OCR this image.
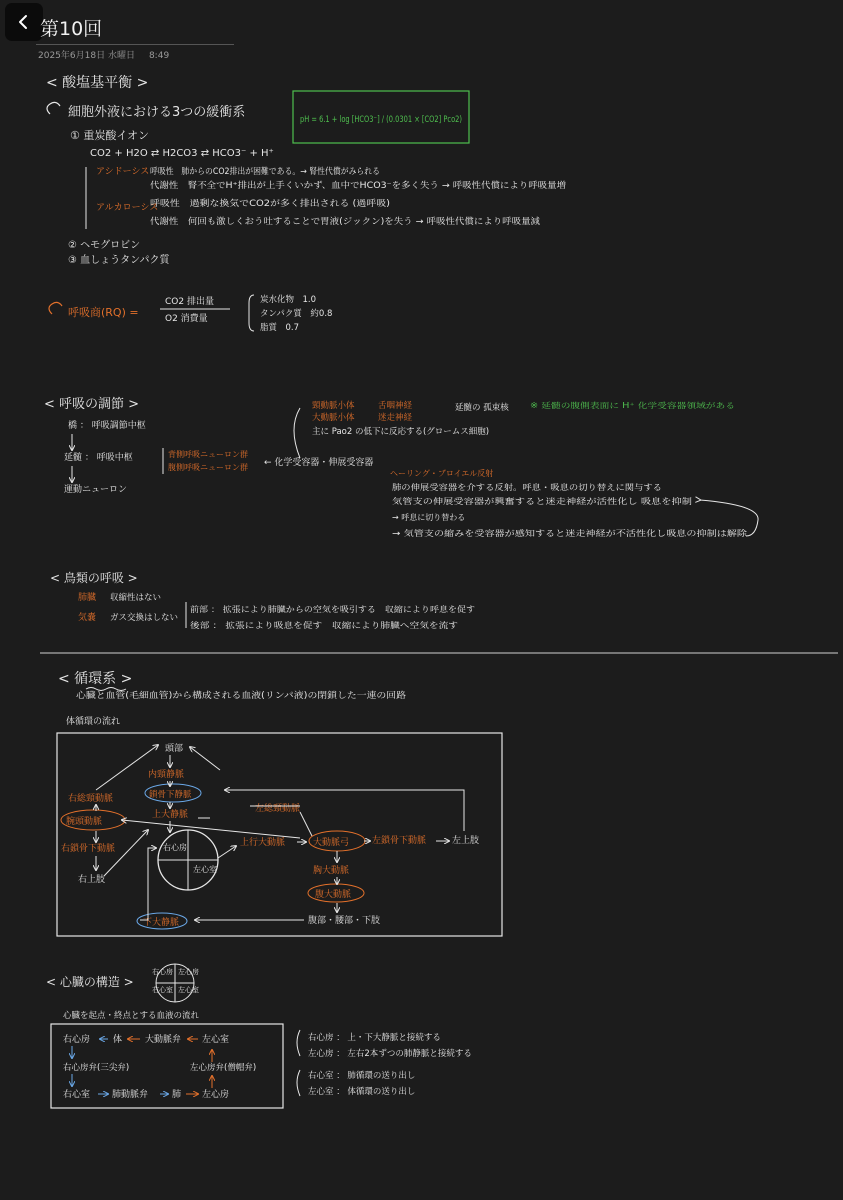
第10回
2025年6月18日 水曜日 8:49
< 酸塩基平衡 >
細胞外液における3つの緩衝系	pH = 6.1 + log [HCO3⁻] / (0.0301 × [CO2] Pco2)
① 重炭酸イオン
CO2 + H2O ⇄ H2CO3 ⇄ HCO3⁻ + H⁺
アシドーシス 呼吸性　肺からのCO2排出が困難である。→ 腎性代償がみられる
代謝性　腎不全でH⁺排出が上手くいかず、血中でHCO3⁻を多く失う → 呼吸性代償により呼吸量増
アルカローシス
呼吸性　過剰な換気でCO2が多く排出される (過呼吸)
代謝性　何回も激しくおう吐することで胃液(ジックン)を失う → 呼吸性代償により呼吸量減
② ヘモグロビン
③ 血しょうタンパク質
呼吸商(RQ) =
CO2 排出量
O2 消費量
炭水化物　1.0
タンパク質　約0.8
脂質　0.7
< 呼吸の調節 >
橋 ： 呼吸調節中枢
延髄 ： 呼吸中枢	背側呼吸ニューロン群
腹側呼吸ニューロン群
運動ニューロン
← 化学受容器・伸展受容器
頸動脈小体
大動脈小体
舌咽神経
迷走神経
延髄の 孤束核	※ 延髄の腹側表面に H⁺ 化学受容器領域がある
主に Pao2 の低下に反応する(グロームス細胞)
ヘーリング・ブロイエル反射
肺の伸展受容器を介する反射。呼息・吸息の切り替えに関与する
気管支の伸展受容器が興奮すると迷走神経が活性化し 吸息を抑制
→ 呼息に切り替わる
→ 気管支の縮みを受容器が感知すると迷走神経が不活性化し吸息の抑制は解除
< 鳥類の呼吸 >
肺臓 収縮性はない
気嚢 ガス交換はしない
前部 ： 拡張により肺臓からの空気を吸引する　収縮により呼息を促す
後部 ： 拡張により吸息を促す　収縮により肺臓へ空気を流す
< 循環系 >
心臓と血管(毛細血管)から構成される血液(リンパ液)の閉鎖した一連の回路
体循環の流れ
頭部
内頸静脈
鎖骨下静脈
上大静脈
右総頸動脈
腕頭動脈
右鎖骨下動脈
右上肢
左総頸動脈
右心房
左心室
上行大動脈	大動脈弓	左鎖骨下動脈	左上肢
胸大動脈
腹大動脈
腹部・腰部・下肢
下大静脈
< 心臓の構造 >
右心房 左心房
右心室 左心室
心臓を起点・終点とする血液の流れ
右心房	体	大動脈弁 左心室
右心房弁(三尖弁)	左心房弁(僧帽弁)
右心室 肺動脈弁	肺 左心房
右心房 ： 上・下大静脈と接続する
左心房 ： 左右2本ずつの肺静脈と接続する
右心室 ： 肺循環の送り出し
左心室 ： 体循環の送り出し
